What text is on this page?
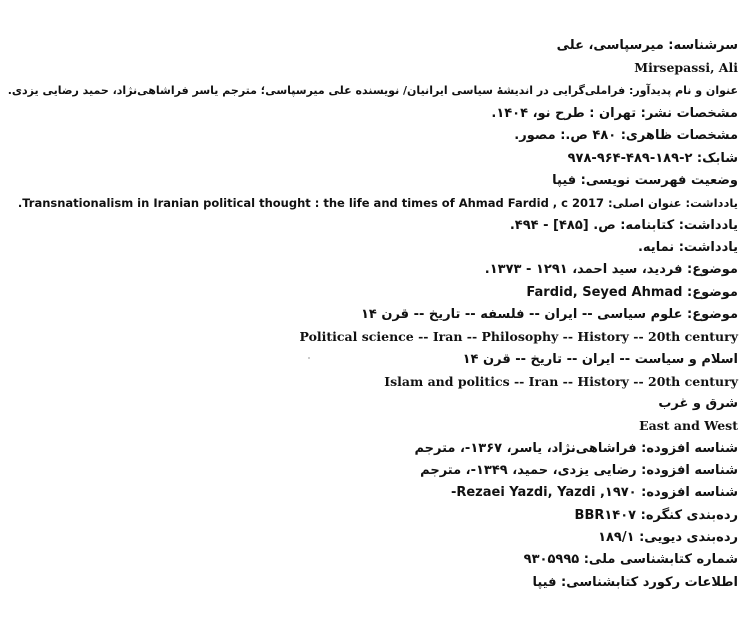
سرشناسه: میرسپاسی، علی
Mirsepassi, Ali
عنوان و نام پدیدآور: فراملی‌گرایی در اندیشهٔ سیاسی ایرانیان/ نویسنده علی میرسپاسی؛ مترجم یاسر فراشاهی‌نژاد، حمید رضایی یزدی.
مشخصات نشر: تهران : طرح نو، ۱۴۰۴.
مشخصات ظاهری: ۴۸۰ ص.: مصور.
شابک: ۲-۱۸۹-۴۸۹-۹۶۴-۹۷۸
وضعیت فهرست نویسی: فیپا
یادداشت: عنوان اصلی: Transnationalism in Iranian political thought : the life and times of Ahmad Fardid , c 2017.
یادداشت: کتابنامه: ص. [۴۸۵] - ۴۹۴.
یادداشت: نمایه.
موضوع: فردید، سید احمد، ۱۲۹۱ - ۱۳۷۳.
موضوع: Fardid, Seyed Ahmad
موضوع: علوم سیاسی -- ایران -- فلسفه -- تاریخ -- قرن ۱۴
Political science -- Iran -- Philosophy -- History -- 20th century
اسلام و سیاست -- ایران -- تاریخ -- قرن ۱۴
Islam and politics -- Iran -- History -- 20th century
شرق و غرب
East and West
شناسه افزوده: فراشاهی‌نژاد، یاسر، ۱۳۶۷-، مترجم
شناسه افزوده: رضایی یزدی، حمید، ۱۳۴۹-، مترجم
شناسه افزوده: Rezaei Yazdi, Yazdi ,۱۹۷۰-
رده‌بندی کنگره: BBR۱۴۰۷
رده‌بندی دیویی: ۱۸۹/۱
شماره کتابشناسی ملی: ۹۳۰۵۹۹۵
اطلاعات رکورد کتابشناسی: فیپا
